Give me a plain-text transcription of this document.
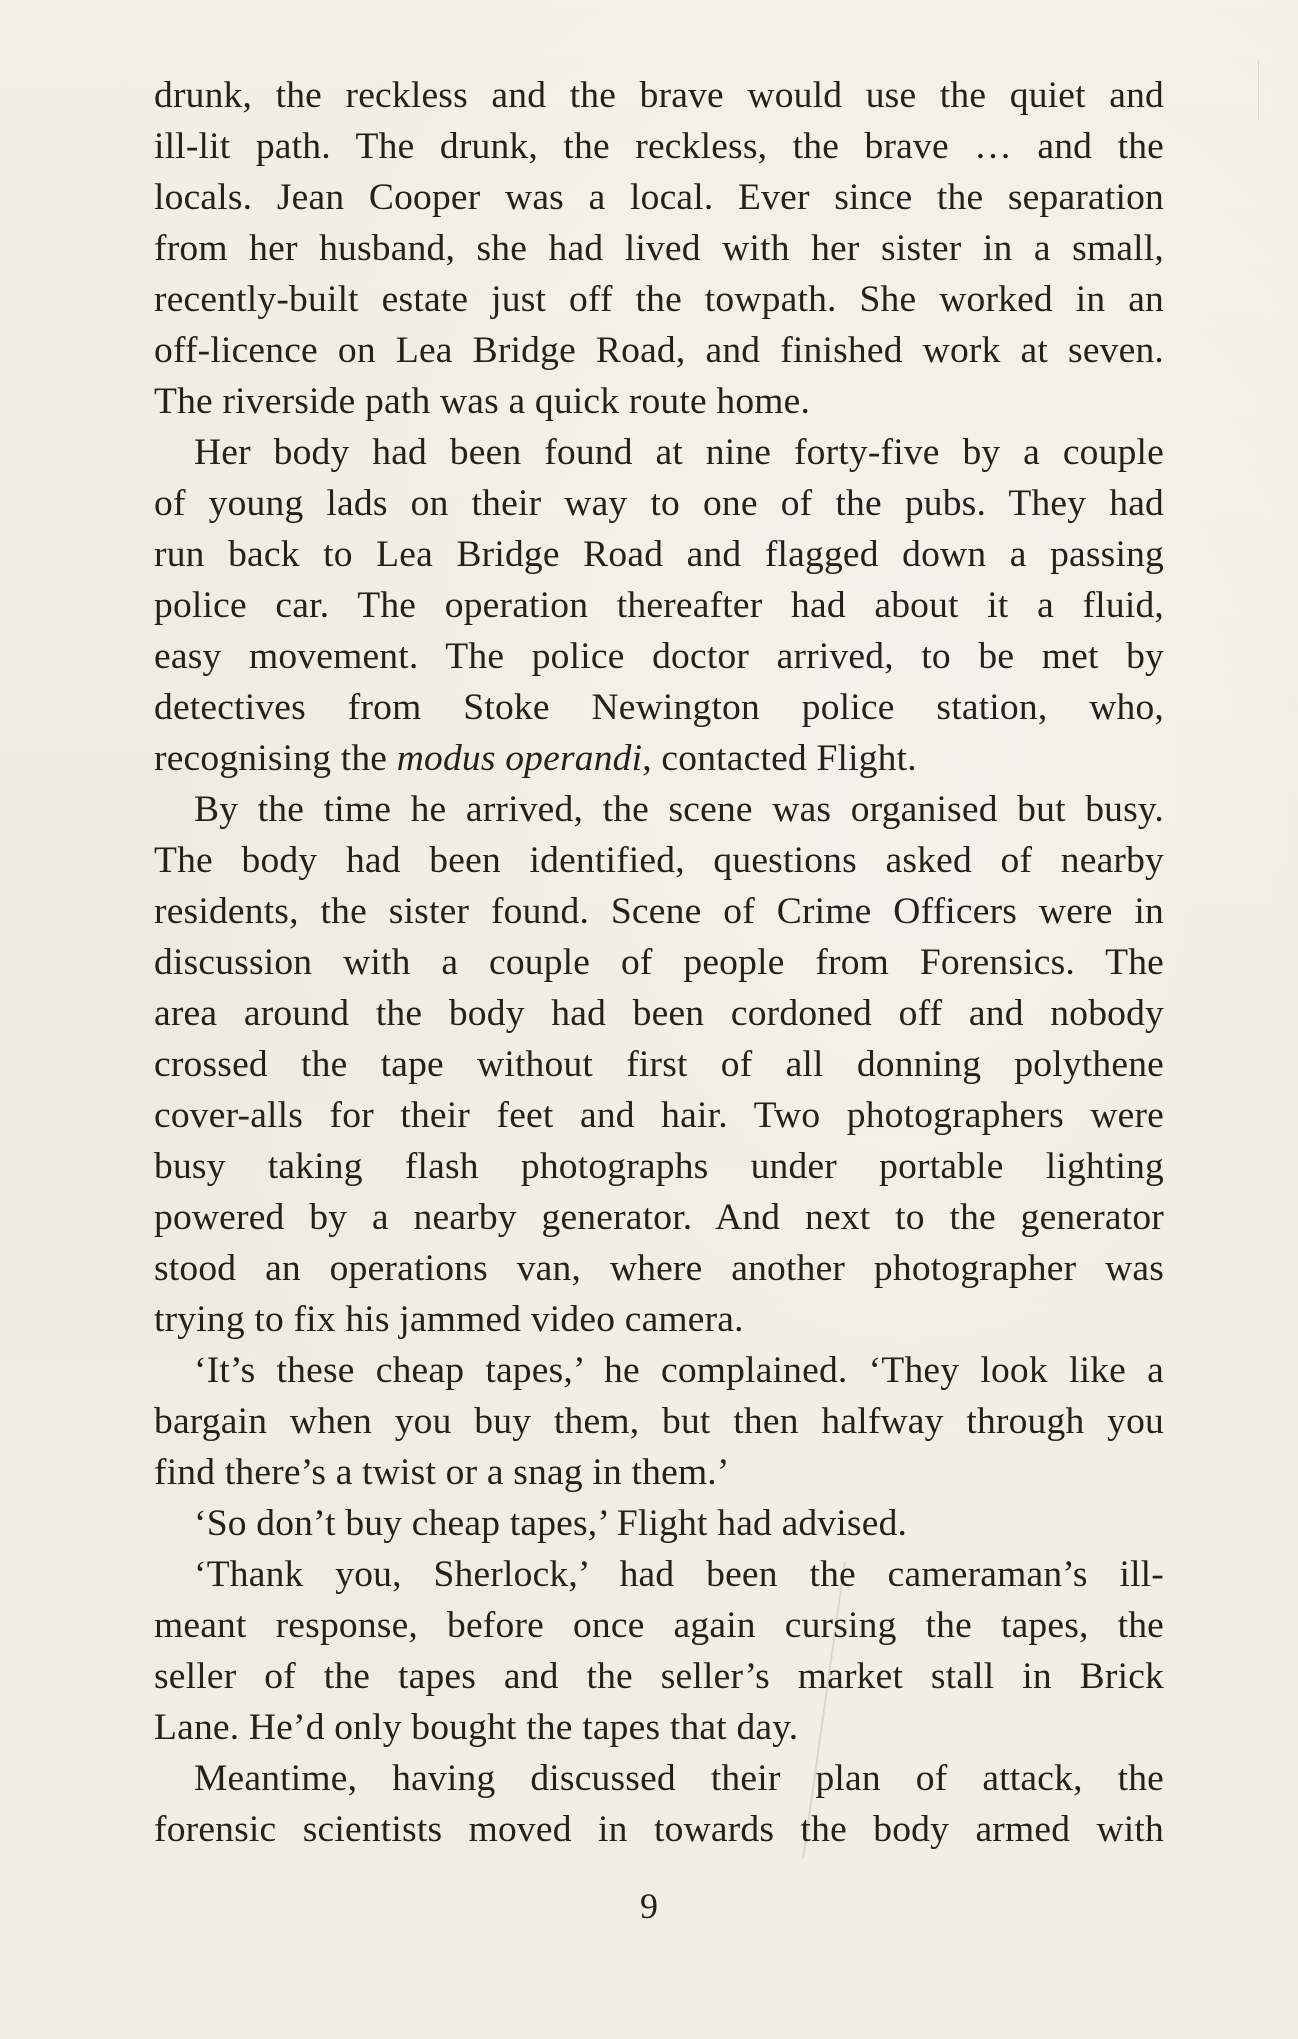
drunk, the reckless and the brave would use the quiet and
ill-lit path. The drunk, the reckless, the brave … and the
locals. Jean Cooper was a local. Ever since the separation
from her husband, she had lived with her sister in a small,
recently-built estate just off the towpath. She worked in an
off-licence on Lea Bridge Road, and finished work at seven.
The riverside path was a quick route home.
Her body had been found at nine forty-five by a couple
of young lads on their way to one of the pubs. They had
run back to Lea Bridge Road and flagged down a passing
police car. The operation thereafter had about it a fluid,
easy movement. The police doctor arrived, to be met by
detectives from Stoke Newington police station, who,
recognising the modus operandi, contacted Flight.
By the time he arrived, the scene was organised but busy.
The body had been identified, questions asked of nearby
residents, the sister found. Scene of Crime Officers were in
discussion with a couple of people from Forensics. The
area around the body had been cordoned off and nobody
crossed the tape without first of all donning polythene
cover-alls for their feet and hair. Two photographers were
busy taking flash photographs under portable lighting
powered by a nearby generator. And next to the generator
stood an operations van, where another photographer was
trying to fix his jammed video camera.
‘It’s these cheap tapes,’ he complained. ‘They look like a
bargain when you buy them, but then halfway through you
find there’s a twist or a snag in them.’
‘So don’t buy cheap tapes,’ Flight had advised.
‘Thank you, Sherlock,’ had been the cameraman’s ill-
meant response, before once again cursing the tapes, the
seller of the tapes and the seller’s market stall in Brick
Lane. He’d only bought the tapes that day.
Meantime, having discussed their plan of attack, the
forensic scientists moved in towards the body armed with
9
